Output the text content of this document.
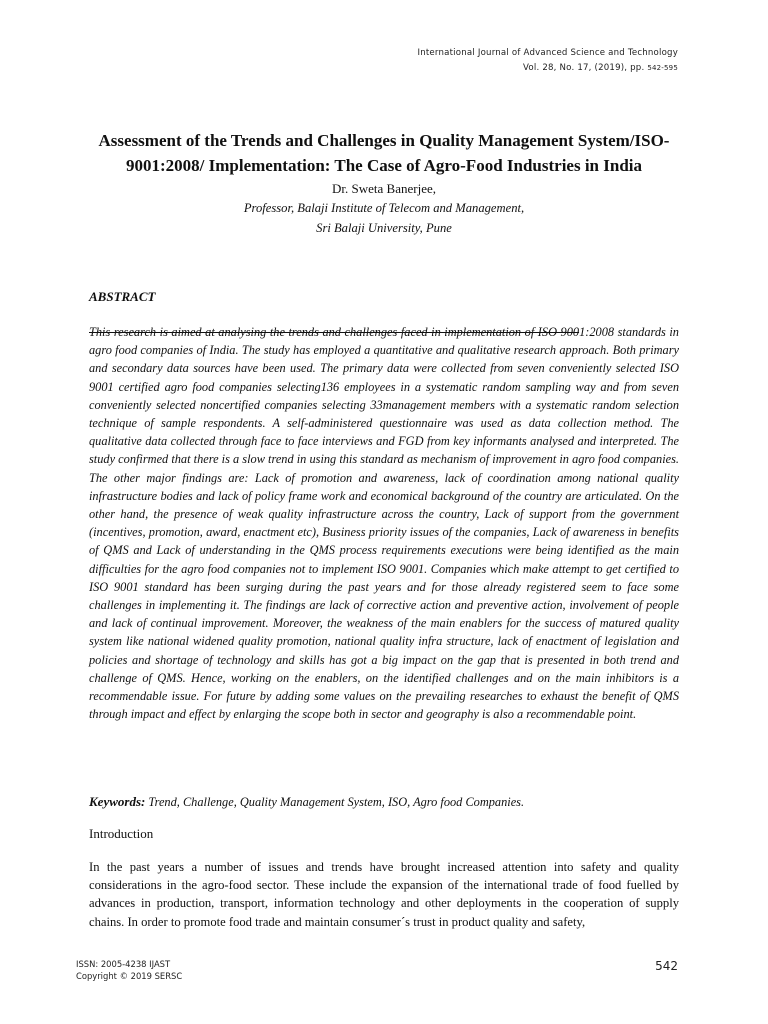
International Journal of Advanced Science and Technology
Vol. 28, No. 17, (2019), pp. 542-595
Assessment of the Trends and Challenges in Quality Management System/ISO-9001:2008/ Implementation: The Case of Agro-Food Industries in India
Dr. Sweta Banerjee,
Professor, Balaji Institute of Telecom and Management,
Sri Balaji University, Pune
ABSTRACT

This research is aimed at analysing the trends and challenges faced in implementation of ISO 9001:2008 standards in agro food companies of India. The study has employed a quantitative and qualitative research approach. Both primary and secondary data sources have been used. The primary data were collected from seven conveniently selected ISO 9001 certified agro food companies selecting136 employees in a systematic random sampling way and from seven conveniently selected noncertified companies selecting 33management members with a systematic random selection technique of sample respondents. A self-administered questionnaire was used as data collection method. The qualitative data collected through face to face interviews and FGD from key informants analysed and interpreted. The study confirmed that there is a slow trend in using this standard as mechanism of improvement in agro food companies. The other major findings are: Lack of promotion and awareness, lack of coordination among national quality infrastructure bodies and lack of policy frame work and economical background of the country are articulated. On the other hand, the presence of weak quality infrastructure across the country, Lack of support from the government (incentives, promotion, award, enactment etc), Business priority issues of the companies, Lack of awareness in benefits of QMS and Lack of understanding in the QMS process requirements executions were being identified as the main difficulties for the agro food companies not to implement ISO 9001. Companies which make attempt to get certified to ISO 9001 standard has been surging during the past years and for those already registered seem to face some challenges in implementing it. The findings are lack of corrective action and preventive action, involvement of people and lack of continual improvement. Moreover, the weakness of the main enablers for the success of matured quality system like national widened quality promotion, national quality infra structure, lack of enactment of legislation and policies and shortage of technology and skills has got a big impact on the gap that is presented in both trend and challenge of QMS. Hence, working on the enablers, on the identified challenges and on the main inhibitors is a recommendable issue. For future by adding some values on the prevailing researches to exhaust the benefit of QMS through impact and effect by enlarging the scope both in sector and geography is also a recommendable point.

Keywords: Trend, Challenge, Quality Management System, ISO, Agro food Companies.
Introduction

In the past years a number of issues and trends have brought increased attention into safety and quality considerations in the agro-food sector. These include the expansion of the international trade of food fuelled by advances in production, transport, information technology and other deployments in the cooperation of supply chains. In order to promote food trade and maintain consumer´s trust in product quality and safety,

ISSN: 2005-4238 IJAST
Copyright © 2019 SERSC
542
